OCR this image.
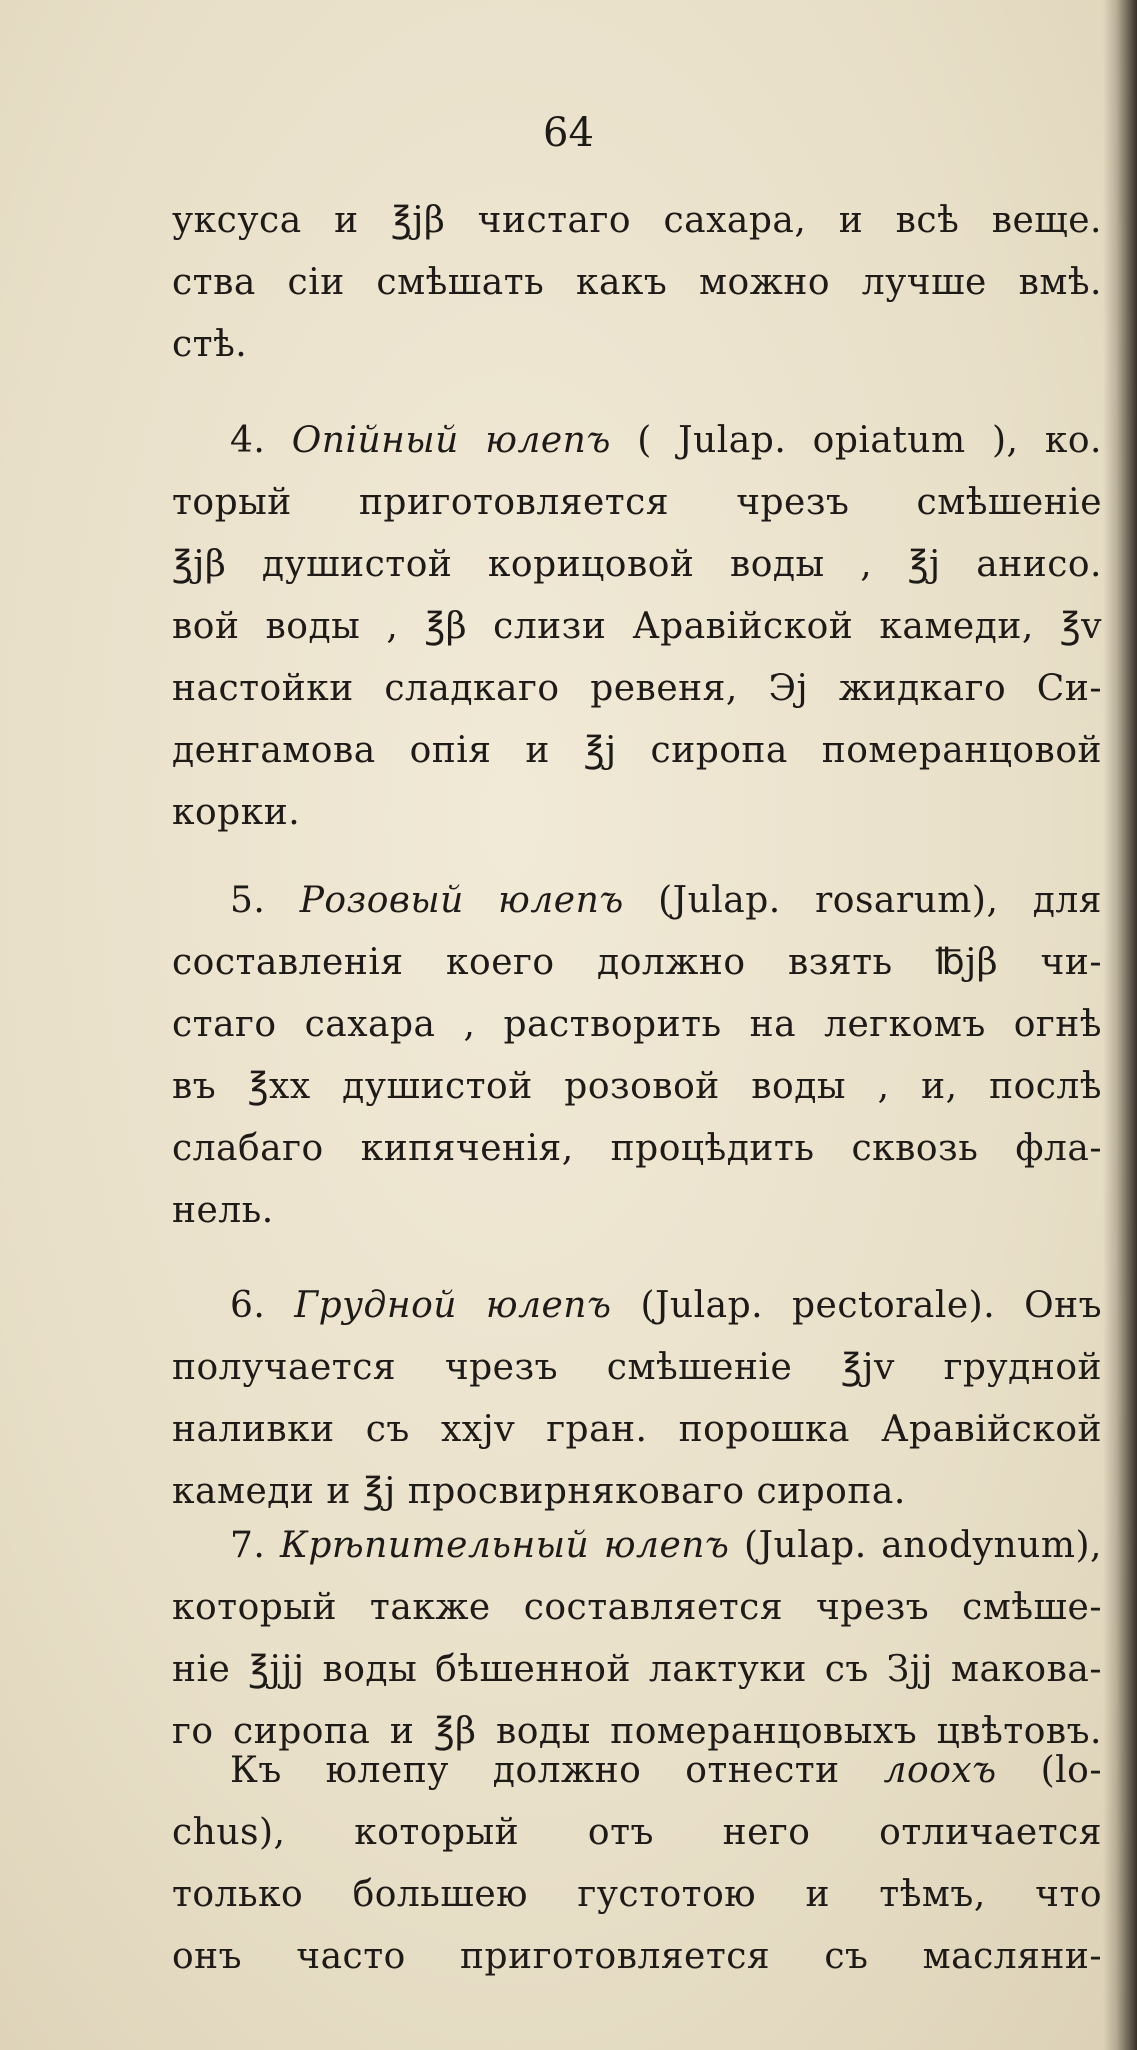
64
уксуса и ℥jβ чистаго сахара, и всѣ веще.
ства сіи смѣшать какъ можно лучше вмѣ.
стѣ.
4. Опійный юлепъ ( Julap. opiatum ), ко.
торый приготовляется чрезъ смѣшеніе
℥jβ душистой корицовой воды , ℥j аниcо.
вой воды , ℥β слизи Аравійской камеди, ℥v
настойки сладкаго ревеня, Эj жидкаго Си-
денгамова опія и ℥j сиропа померанцовой
корки.
5. Розовый юлепъ (Julap. rosarum), для
составленія коего должно взять ℔jβ чи-
стаго сахара , растворить на легкомъ огнѣ
въ ℥xx душистой розовой воды , и, послѣ
слабаго кипяченія, процѣдить сквозь фла-
нель.
6. Грудной юлепъ (Julap. pectorale). Онъ
получается чрезъ смѣшеніе ℥jv грудной
наливки съ xxjv гран. порошка Аравійской
камеди и ℥j просвирняковаго сиропа.
7. Крѣпительный юлепъ (Julap. anodynum),
который также составляется чрезъ смѣше-
ніе ℥jjj воды бѣшенной лактуки съ Зjj макова-
го сиропа и ℥β воды померанцовыхъ цвѣтовъ.
Къ юлепу должно отнести лоохъ (lo-
chus), который отъ него отличается
только большею густотою и тѣмъ, что
онъ часто приготовляется съ масляни-
